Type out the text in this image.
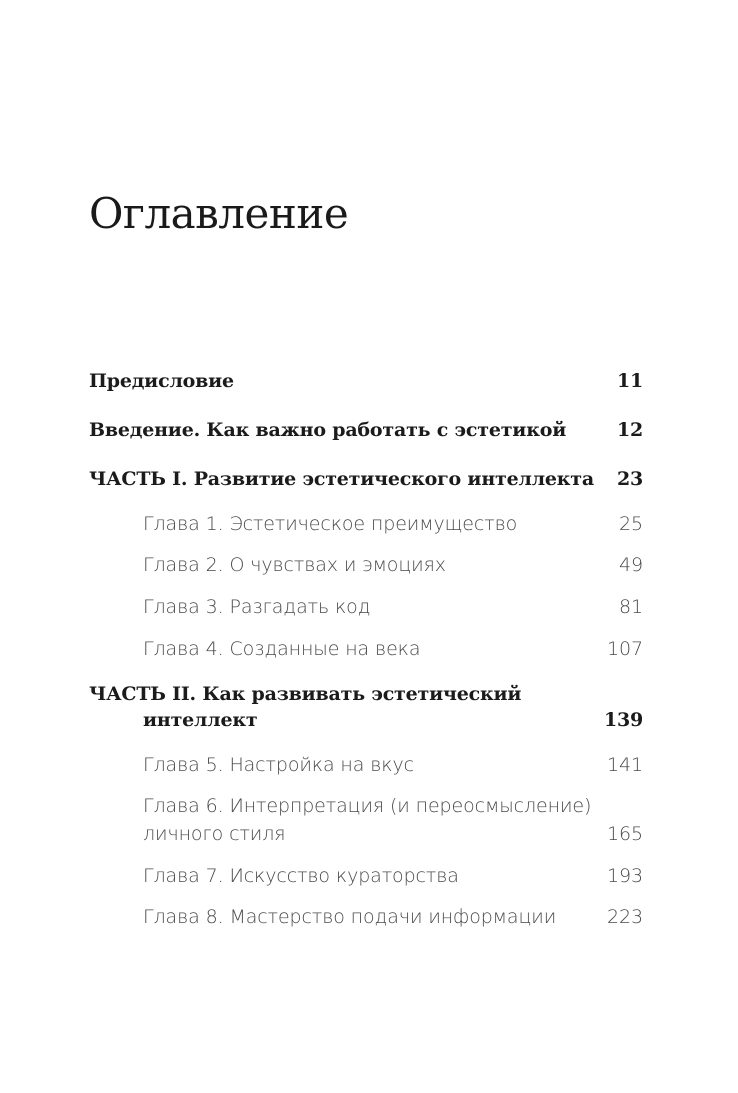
Оглавление
Предисловие	11
Введение. Как важно работать с эстетикой	12
ЧАСТЬ I. Развитие эстетического интеллекта 23
Глава 1. Эстетическое преимущество	25
Глава 2. О чувствах и эмоциях	49
Глава 3. Разгадать код	81
Глава 4. Созданные на века	107
ЧАСТЬ II. Как развивать эстетический
интеллект	139
Глава 5. Настройка на вкус	141
Глава 6. Интерпретация (и переосмысление)
личного стиля	165
Глава 7. Искусство кураторства	193
Глава 8. Мастерство подачи информации	223
